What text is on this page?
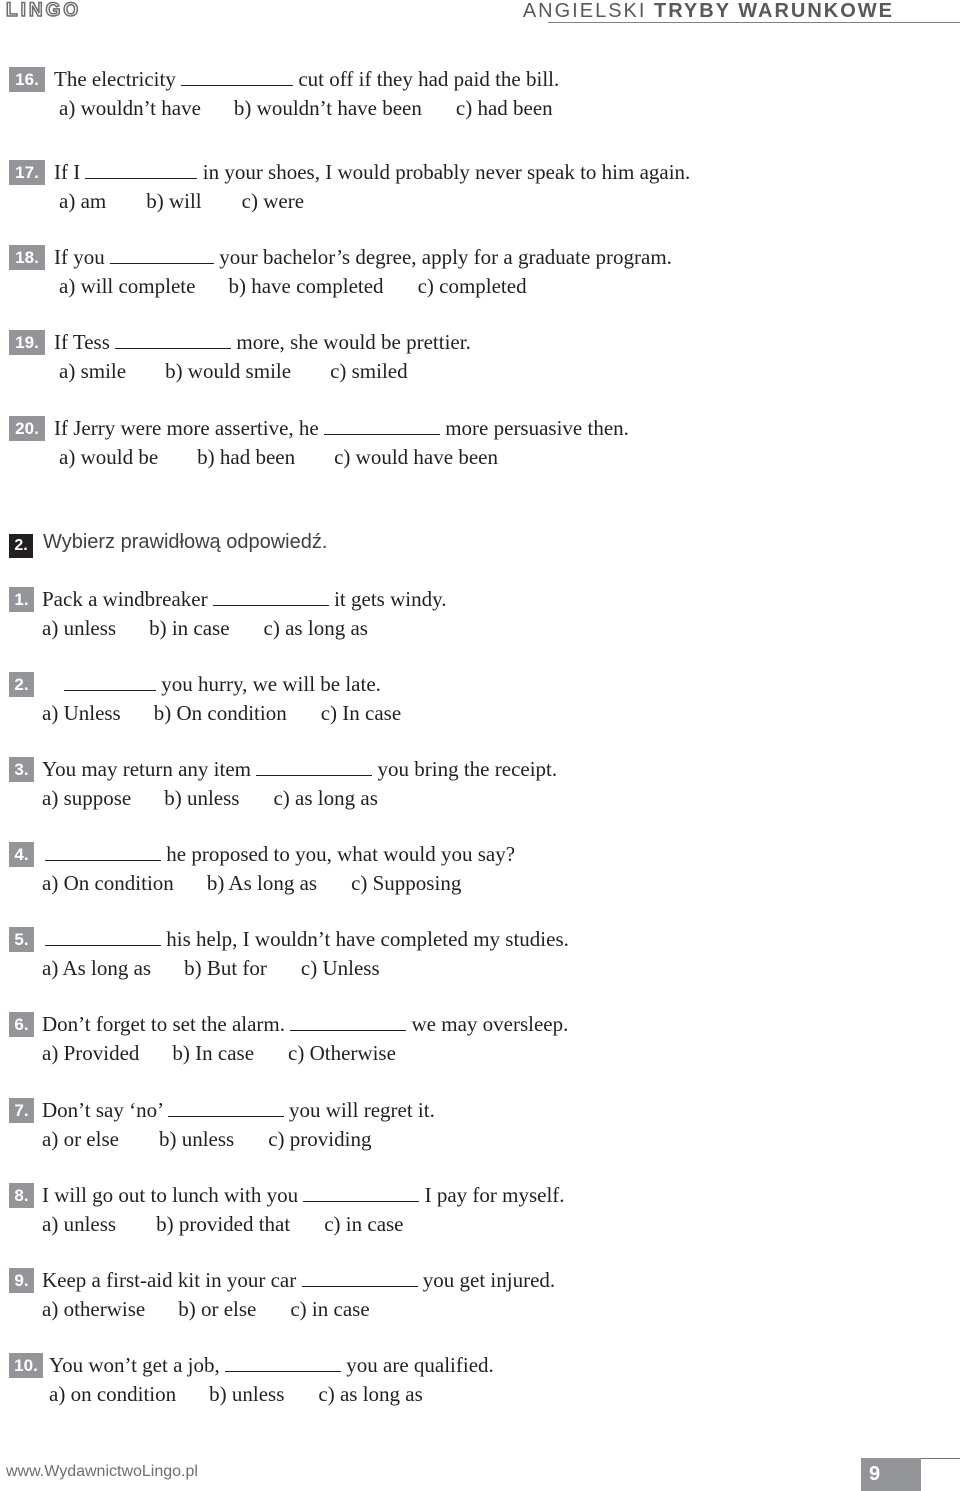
LINGO	ANGIELSKI TRYBY WARUNKOWE
16. The electricity	cut off if they had paid the bill.
a) wouldn’t have b) wouldn’t have been c) had been
17. If I	in your shoes, I would probably never speak to him again.
a) am b) will c) were
18. If you	your bachelor’s degree, apply for a graduate program.
a) will complete b) have completed c) completed
19. If Tess	more, she would be prettier.
a) smile b) would smile c) smiled
20. If Jerry were more assertive, he	more persuasive then.
a) would be b) had been c) would have been
2. Wybierz prawidłową odpowiedź.
1. Pack a windbreaker	it gets windy.
a) unless b) in case c) as long as
2.	you hurry, we will be late.
a) Unless b) On condition c) In case
3. You may return any item	you bring the receipt.
a) suppose b) unless c) as long as
4.	he proposed to you, what would you say?
a) On condition b) As long as c) Supposing
5.	his help, I wouldn’t have completed my studies.
a) As long as b) But for c) Unless
6. Don’t forget to set the alarm.	we may oversleep.
a) Provided b) In case c) Otherwise
7. Don’t say ‘no’	you will regret it.
a) or else b) unless c) providing
8. I will go out to lunch with you	I pay for myself.
a) unless b) provided that c) in case
9. Keep a first-aid kit in your car	you get injured.
a) otherwise b) or else c) in case
10. You won’t get a job,	you are qualified.
a) on condition b) unless c) as long as
www.WydawnictwoLingo.pl	9
